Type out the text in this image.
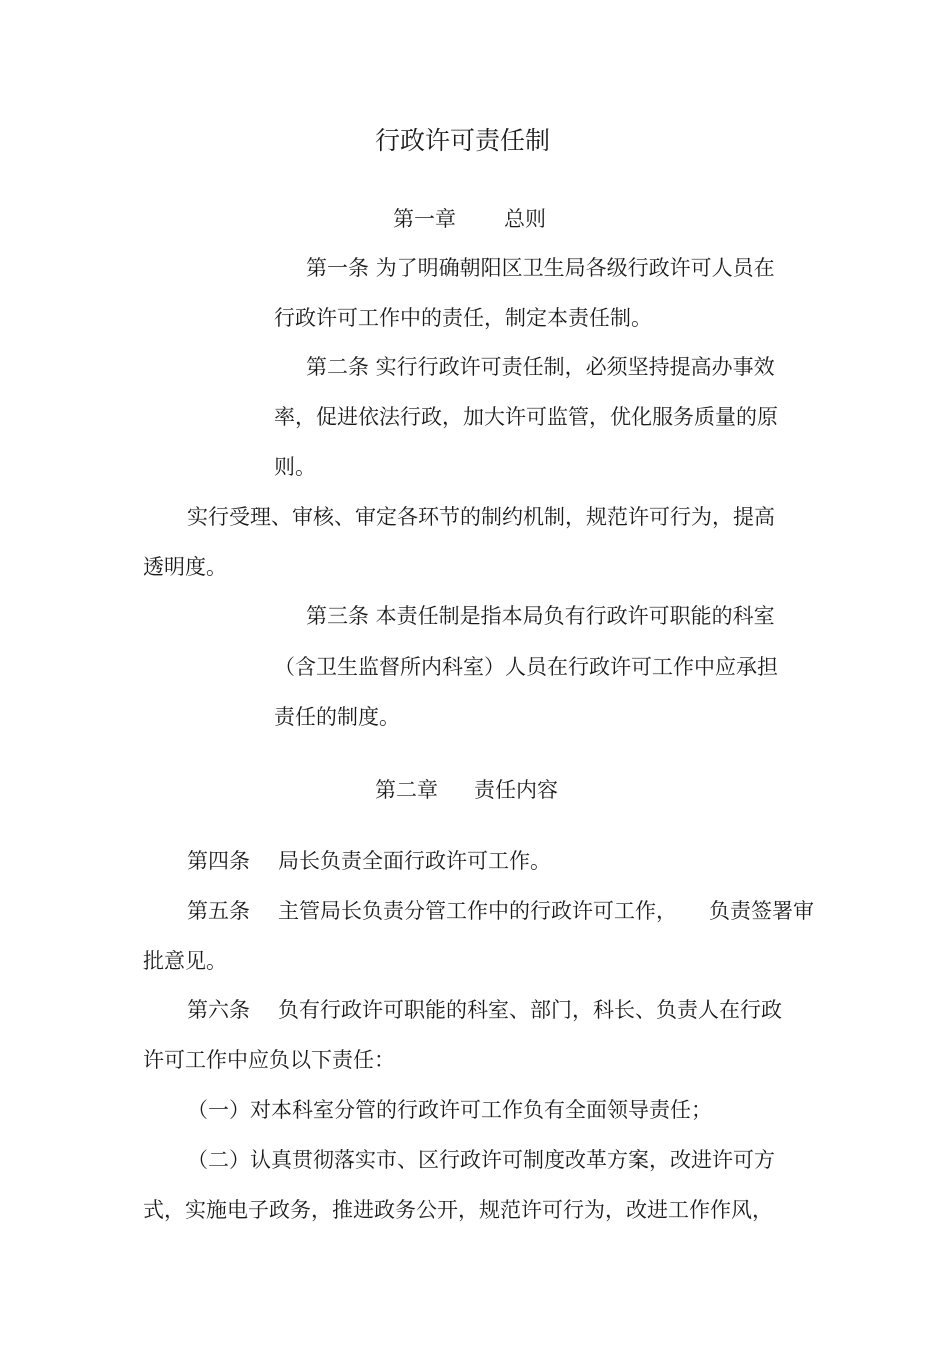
行政许可责任制
第一章 总则
第一条 为了明确朝阳区卫生局各级行政许可人员在
行政许可工作中的责任，制定本责任制。
第二条 实行行政许可责任制，必须坚持提高办事效
率，促进依法行政，加大许可监管，优化服务质量的原
则。
实行受理、审核、审定各环节的制约机制，规范许可行为，提高
透明度。
第三条 本责任制是指本局负有行政许可职能的科室
（含卫生监督所内科室）人员在行政许可工作中应承担
责任的制度。
第二章 责任内容
第四条 局长负责全面行政许可工作。
第五条 主管局长负责分管工作中的行政许可工作， 负责签署审
批意见。
第六条 负有行政许可职能的科室、部门，科长、负责人在行政
许可工作中应负以下责任：
（一）对本科室分管的行政许可工作负有全面领导责任；
（二）认真贯彻落实市、区行政许可制度改革方案，改进许可方
式，实施电子政务，推进政务公开，规范许可行为，改进工作作风，
